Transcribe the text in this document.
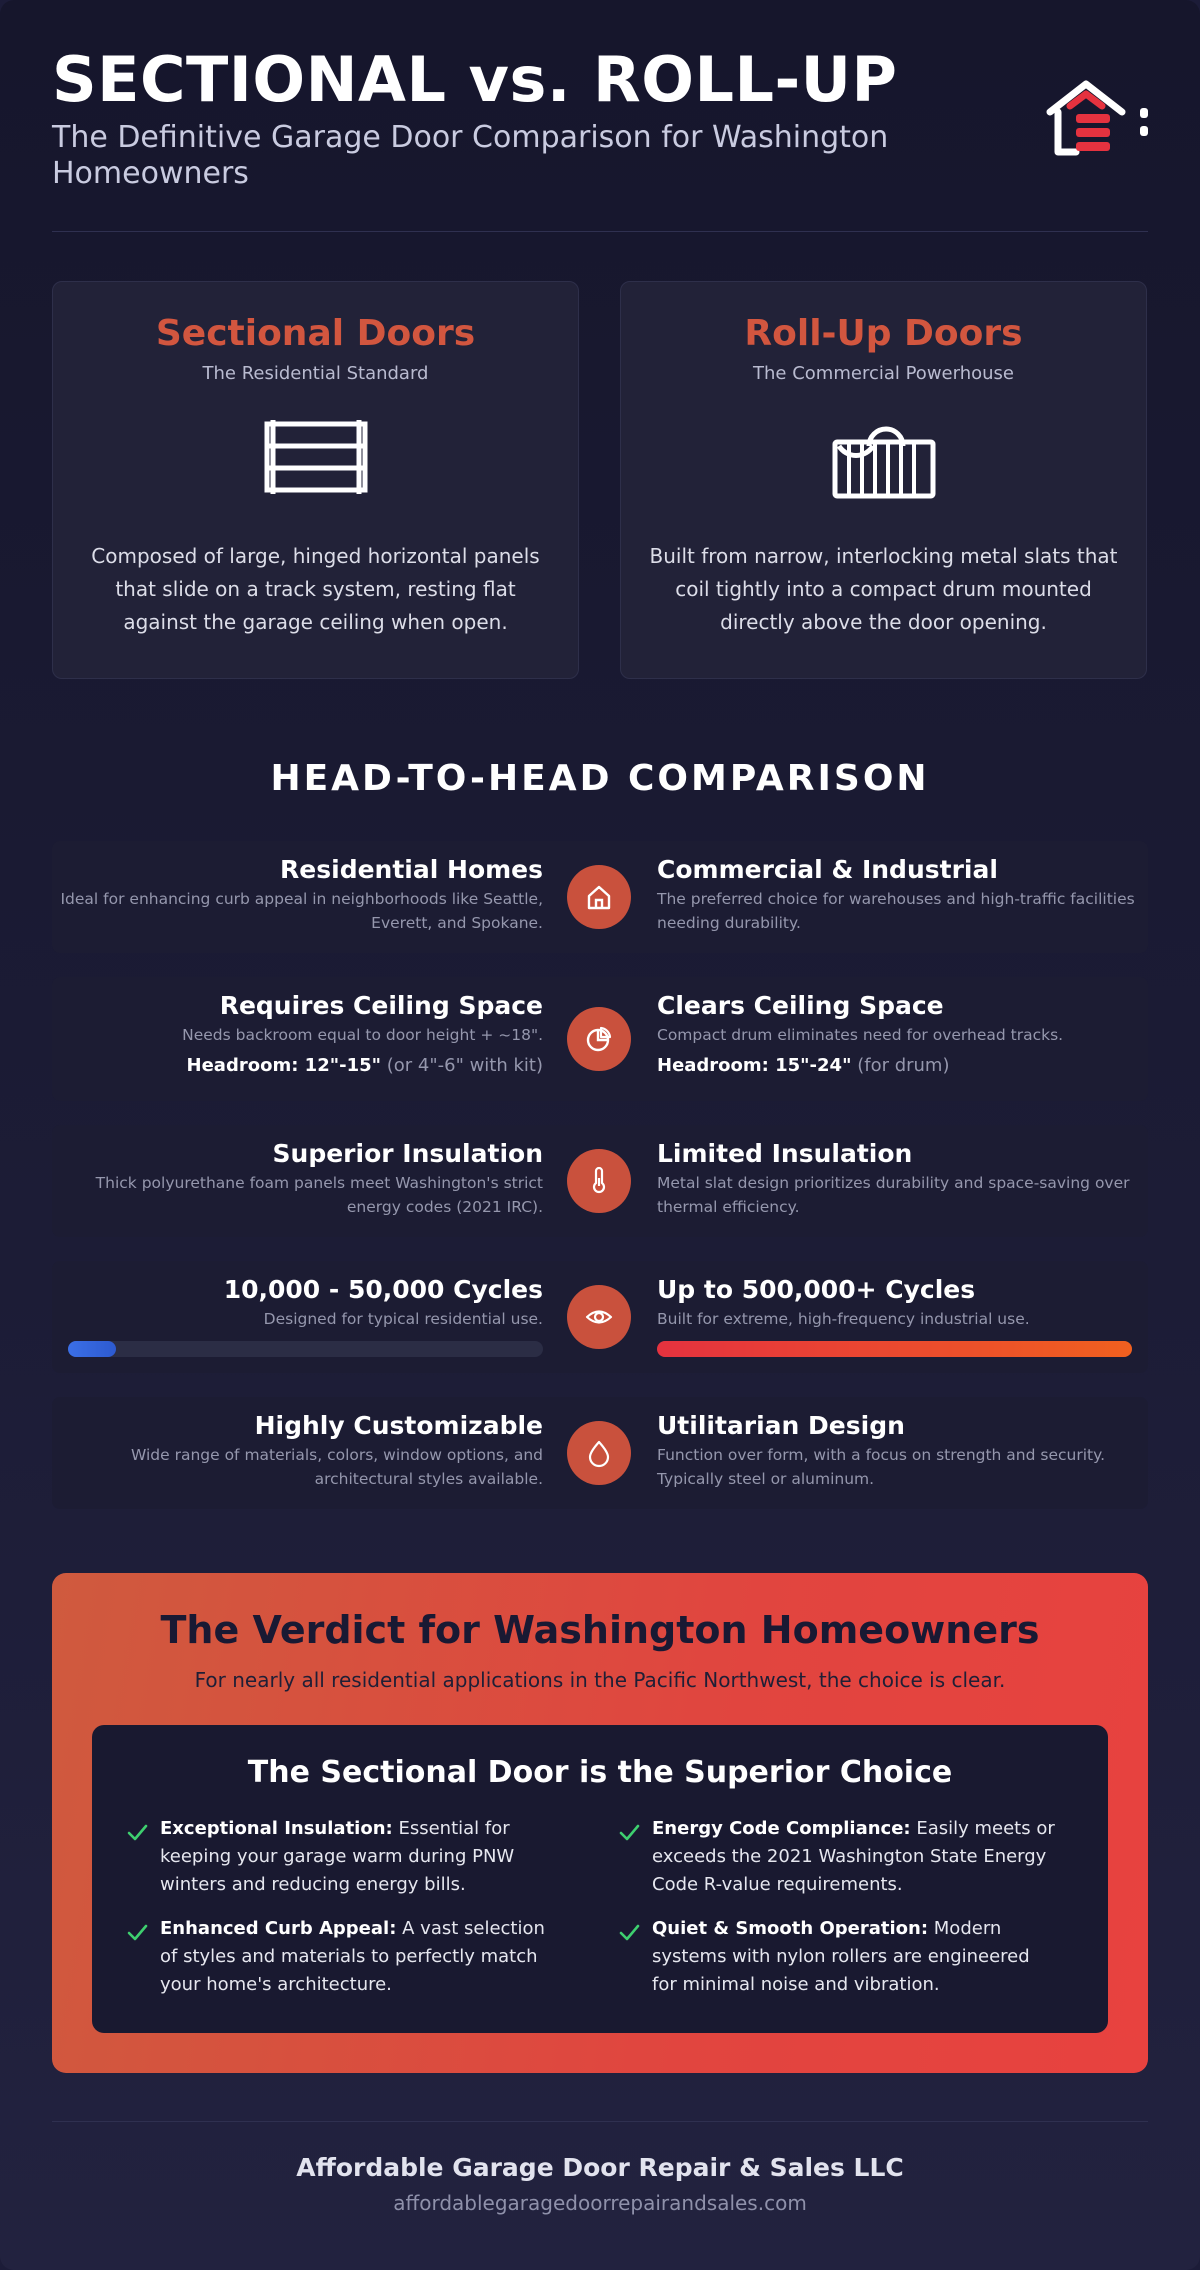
SECTIONAL vs. ROLL-UP
The Definitive Garage Door Comparison for Washington Homeowners
Sectional Doors
The Residential Standard
Composed of large, hinged horizontal panels that slide on a track system, resting flat against the garage ceiling when open.
Roll-Up Doors
The Commercial Powerhouse
Built from narrow, interlocking metal slats that coil tightly into a compact drum mounted directly above the door opening.
HEAD-TO-HEAD COMPARISON
Residential Homes
Ideal for enhancing curb appeal in neighborhoods like Seattle, Everett, and Spokane.
Commercial & Industrial
The preferred choice for warehouses and high-traffic facilities needing durability.
Requires Ceiling Space
Needs backroom equal to door height + ~18".
Headroom: 12"-15" (or 4"-6" with kit)
Clears Ceiling Space
Compact drum eliminates need for overhead tracks.
Headroom: 15"-24" (for drum)
Superior Insulation
Thick polyurethane foam panels meet Washington's strict energy codes (2021 IRC).
Limited Insulation
Metal slat design prioritizes durability and space-saving over thermal efficiency.
10,000 - 50,000 Cycles
Designed for typical residential use.
Up to 500,000+ Cycles
Built for extreme, high-frequency industrial use.
Highly Customizable
Wide range of materials, colors, window options, and architectural styles available.
Utilitarian Design
Function over form, with a focus on strength and security. Typically steel or aluminum.
The Verdict for Washington Homeowners
For nearly all residential applications in the Pacific Northwest, the choice is clear.
The Sectional Door is the Superior Choice
Exceptional Insulation: Essential for keeping your garage warm during PNW winters and reducing energy bills.
Energy Code Compliance: Easily meets or exceeds the 2021 Washington State Energy Code R-value requirements.
Enhanced Curb Appeal: A vast selection of styles and materials to perfectly match your home's architecture.
Quiet & Smooth Operation: Modern systems with nylon rollers are engineered for minimal noise and vibration.
Affordable Garage Door Repair & Sales LLC
affordablegaragedoorrepairandsales.com
